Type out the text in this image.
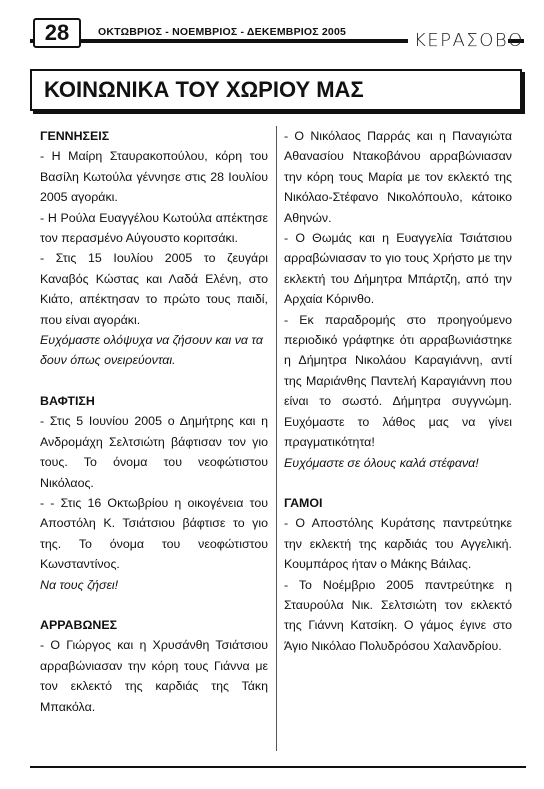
28	ΟΚΤΩΒΡΙΟΣ - ΝΟΕΜΒΡΙΟΣ - ΔΕΚΕΜΒΡΙΟΣ 2005	ΚΕΡΑΣΟΒΟ
ΚΟΙΝΩΝΙΚΑ ΤΟΥ ΧΩΡΙΟΥ ΜΑΣ

ΓΕΝΝΗΣΕΙΣ

- Η Μαίρη Σταυρακοπούλου, κόρη του Βασίλη Κωτούλα γέννησε στις 28 Ιουλίου 2005 αγοράκι.

- Η Ρούλα Ευαγγέλου Κωτούλα απέκτησε τον περασμένο Αύγουστο κοριτσάκι.

- Στις 15 Ιουλίου 2005 το ζευγάρι Καναβός Κώστας και Λαδά Ελένη, στο Κιάτο, απέκτησαν το πρώτο τους παιδί, που είναι αγοράκι.

Ευχόμαστε ολόψυχα να ζήσουν και να τα δουν όπως ονειρεύονται.

ΒΑΦΤΙΣΗ

- Στις 5 Ιουνίου 2005 ο Δημήτρης και η Ανδρομάχη Σελτσιώτη βάφτισαν τον γιο τους. Το όνομα του νεοφώτιστου Νικόλαος.

- - Στις 16 Οκτωβρίου η οικογένεια του Αποστόλη Κ. Τσιάτσιου βάφτισε το γιο της. Το όνομα του νεοφώτιστου Κωνσταντίνος.

Να τους ζήσει!

ΑΡΡΑΒΩΝΕΣ

- Ο Γιώργος και η Χρυσάνθη Τσιάτσιου αρραβώνιασαν την κόρη τους Γιάννα με τον εκλεκτό της καρδιάς της Τάκη Μπακόλα.

- Ο Νικόλαος Παρράς και η Παναγιώτα Αθανασίου Ντακοβάνου αρραβώνιασαν την κόρη τους Μαρία με τον εκλεκτό της Νικόλαο-Στέφανο Νικολόπουλο, κάτοικο Αθηνών.

- Ο Θωμάς και η Ευαγγελία Τσιάτσιου αρραβώνιασαν το γιο τους Χρήστο με την εκλεκτή του Δήμητρα Μπάρτζη, από την Αρχαία Κόρινθο.

- Εκ παραδρομής στο προηγούμενο περιοδικό γράφτηκε ότι αρραβωνιάστηκε η Δήμητρα Νικολάου Καραγιάννη, αντί της Μαριάνθης Παντελή Καραγιάννη που είναι το σωστό. Δήμητρα συγγνώμη. Ευχόμαστε το λάθος μας να γίνει πραγματικότητα!

Ευχόμαστε σε όλους καλά στέφανα!

ΓΑΜΟΙ

- Ο Αποστόλης Κυράτσης παντρεύτηκε την εκλεκτή της καρδιάς του Αγγελική. Κουμπάρος ήταν ο Μάκης Βάιλας.

- Το Νοέμβριο 2005 παντρεύτηκε η Σταυρούλα Νικ. Σελτσιώτη τον εκλεκτό της Γιάννη Κατσίκη. Ο γάμος έγινε στο Άγιο Νικόλαο Πολυδρόσου Χαλανδρίου.
